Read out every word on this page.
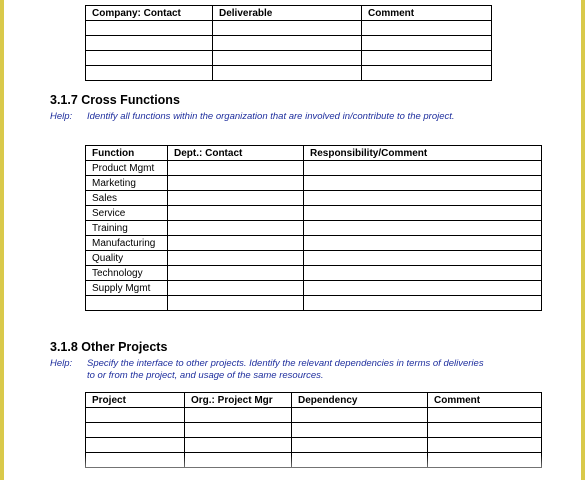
Company: Contact	Deliverable	Comment

3.1.7 Cross Functions
Help: Identify all functions within the organization that are involved in/contribute to the project.
Function	Dept.: Contact	Responsibility/Comment
Product Mgmt		
Marketing		
Sales		
Service		
Training		
Manufacturing		
Quality		
Technology		
Supply Mgmt		

3.1.8 Other Projects
Help: Specify the interface to other projects. Identify the relevant dependencies in terms of deliveries to or from the project, and usage of the same resources.
Project	Org.: Project Mgr	Dependency	Comment
